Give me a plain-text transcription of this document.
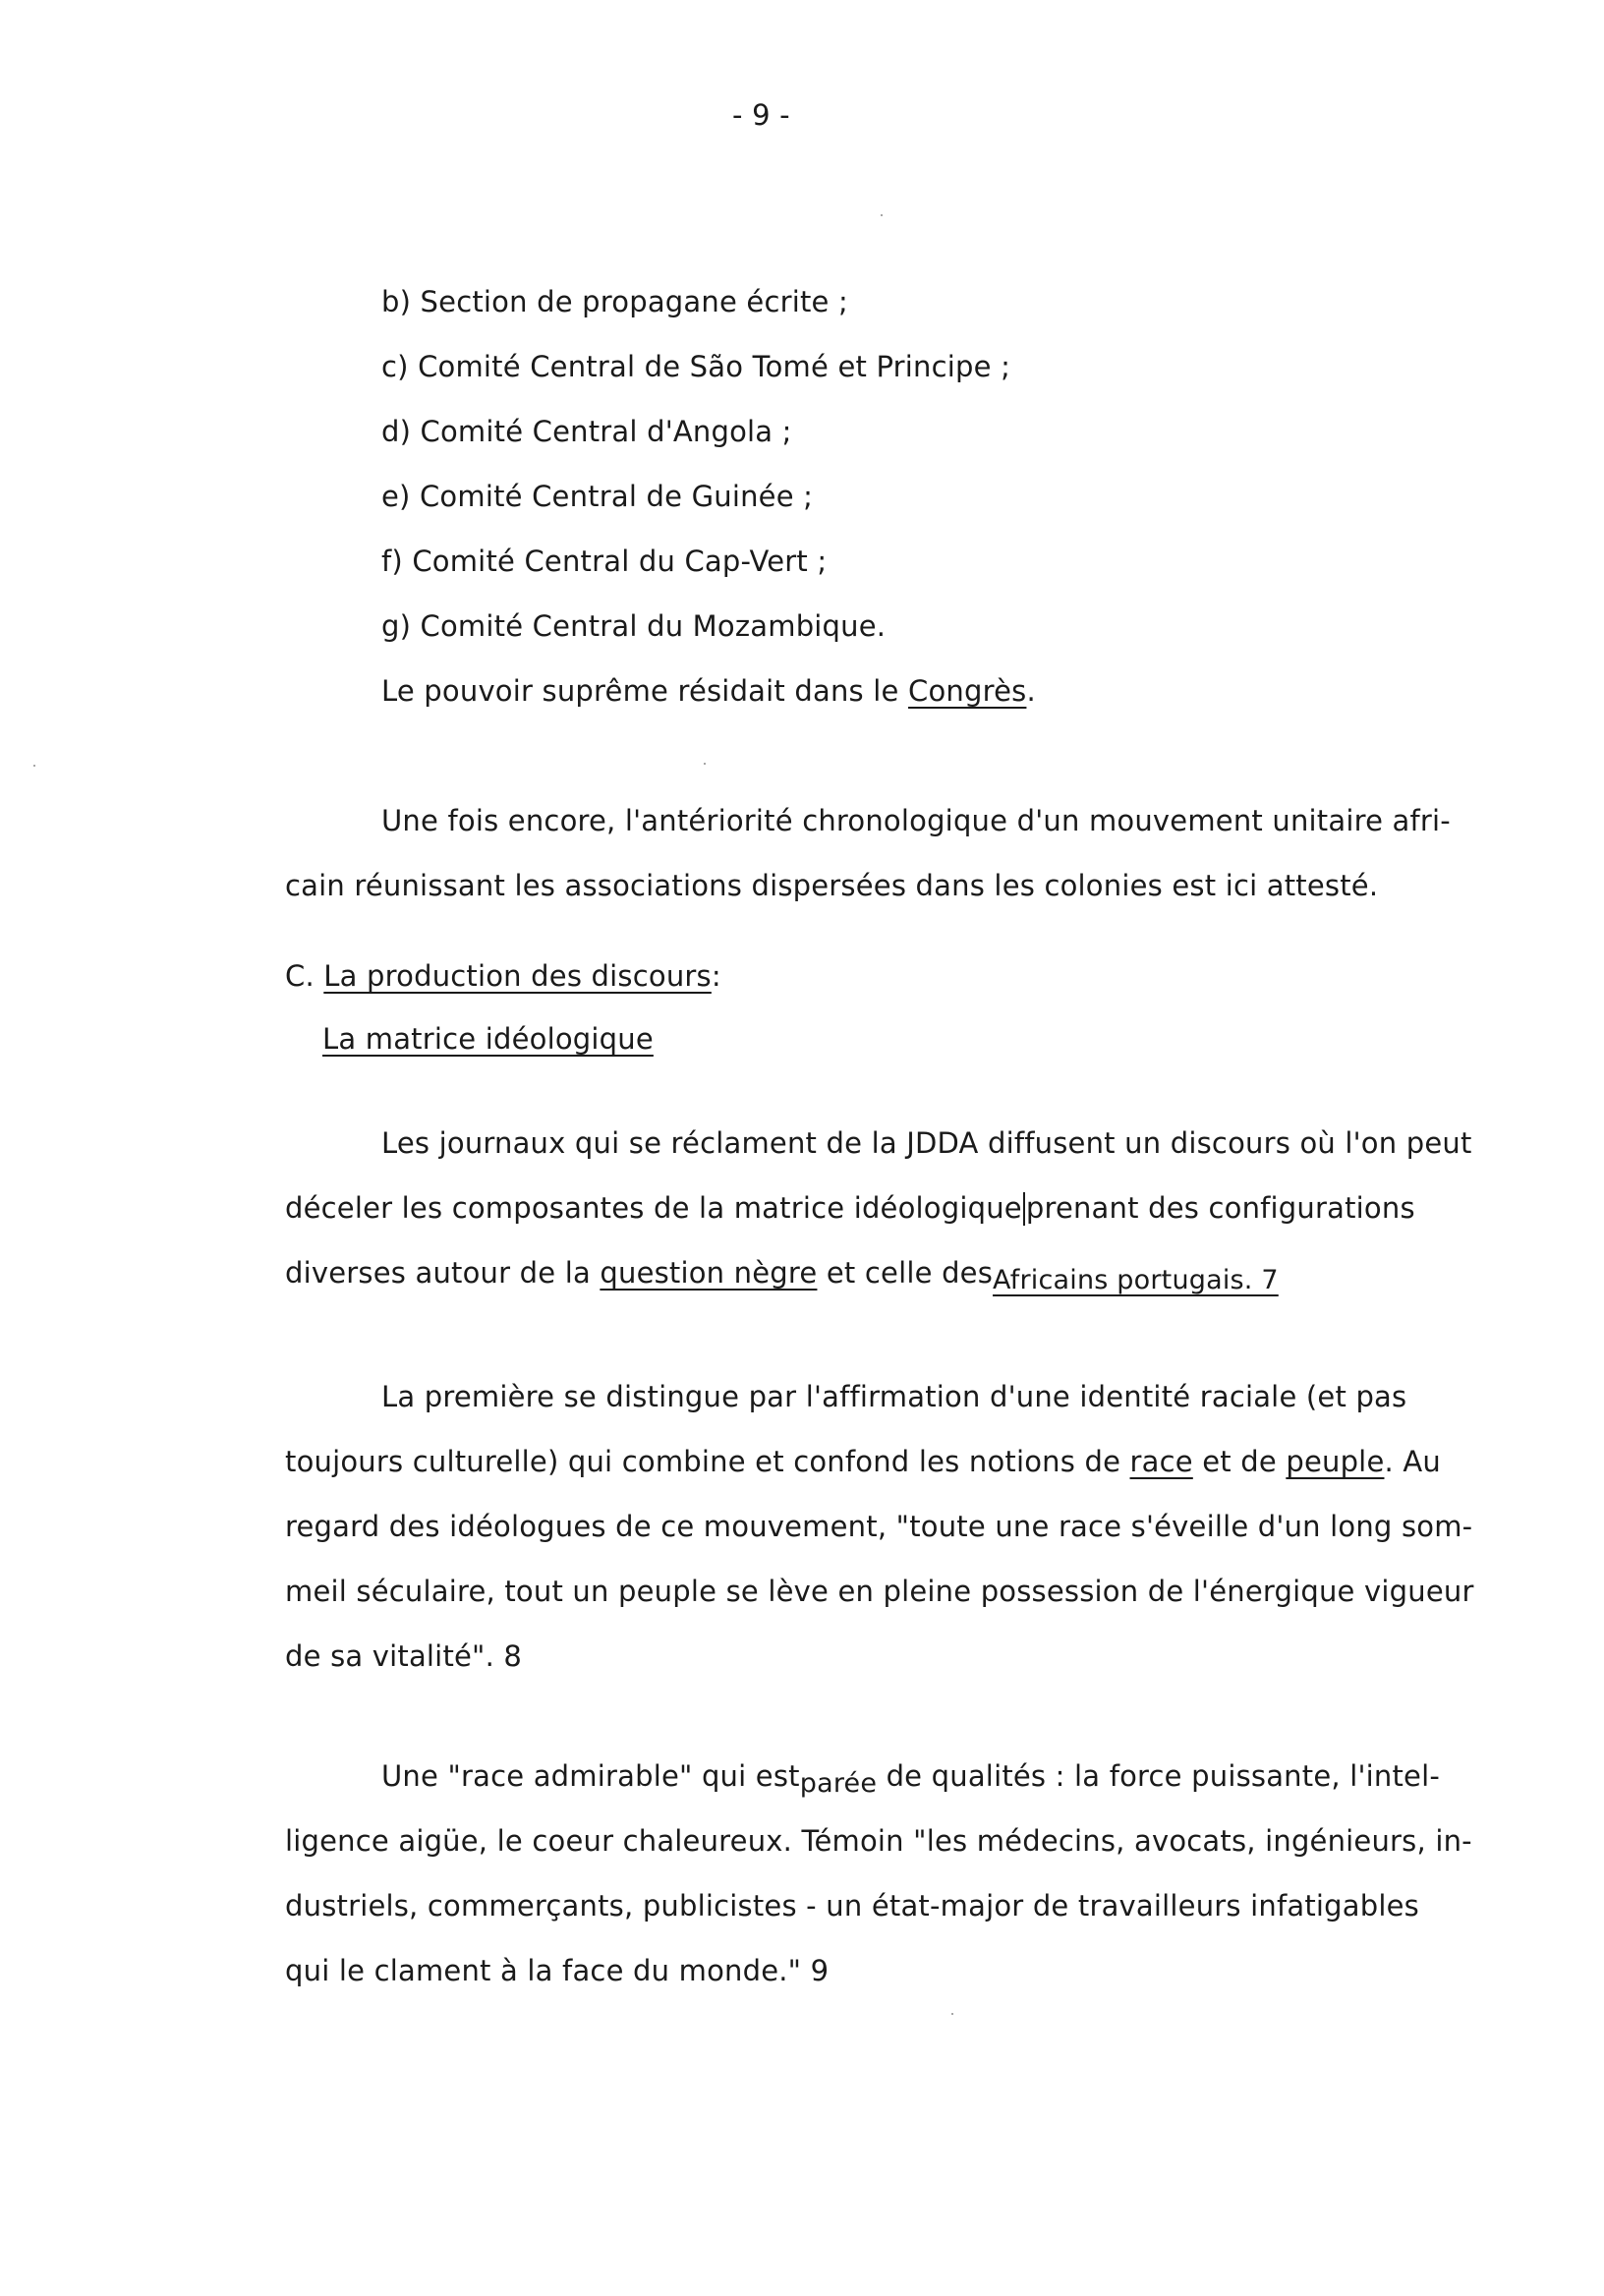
- 9 -
b) Section de propagane écrite ;
c) Comité Central de São Tomé et Principe ;
d) Comité Central d'Angola ;
e) Comité Central de Guinée ;
f) Comité Central du Cap-Vert ;
g) Comité Central du Mozambique.
Le pouvoir suprême résidait dans le Congrès.
Une fois encore, l'antériorité chronologique d'un mouvement unitaire afri-
cain réunissant les associations dispersées dans les colonies est ici attesté.
C. La production des discours:
La matrice idéologique
Les journaux qui se réclament de la JDDA diffusent un discours où l'on peut
déceler les composantes de la matrice idéologique prenant des configurations
diverses autour de la question nègre et celle desAfricains portugais. 7
La première se distingue par l'affirmation d'une identité raciale (et pas
toujours culturelle) qui combine et confond les notions de race et de peuple. Au
regard des idéologues de ce mouvement, "toute une race s'éveille d'un long som-
meil séculaire, tout un peuple se lève en pleine possession de l'énergique vigueur
de sa vitalité". 8
Une "race admirable" qui estparée de qualités : la force puissante, l'intel-
ligence aigüe, le coeur chaleureux. Témoin "les médecins, avocats, ingénieurs, in-
dustriels, commerçants, publicistes - un état-major de travailleurs infatigables
qui le clament à la face du monde." 9
